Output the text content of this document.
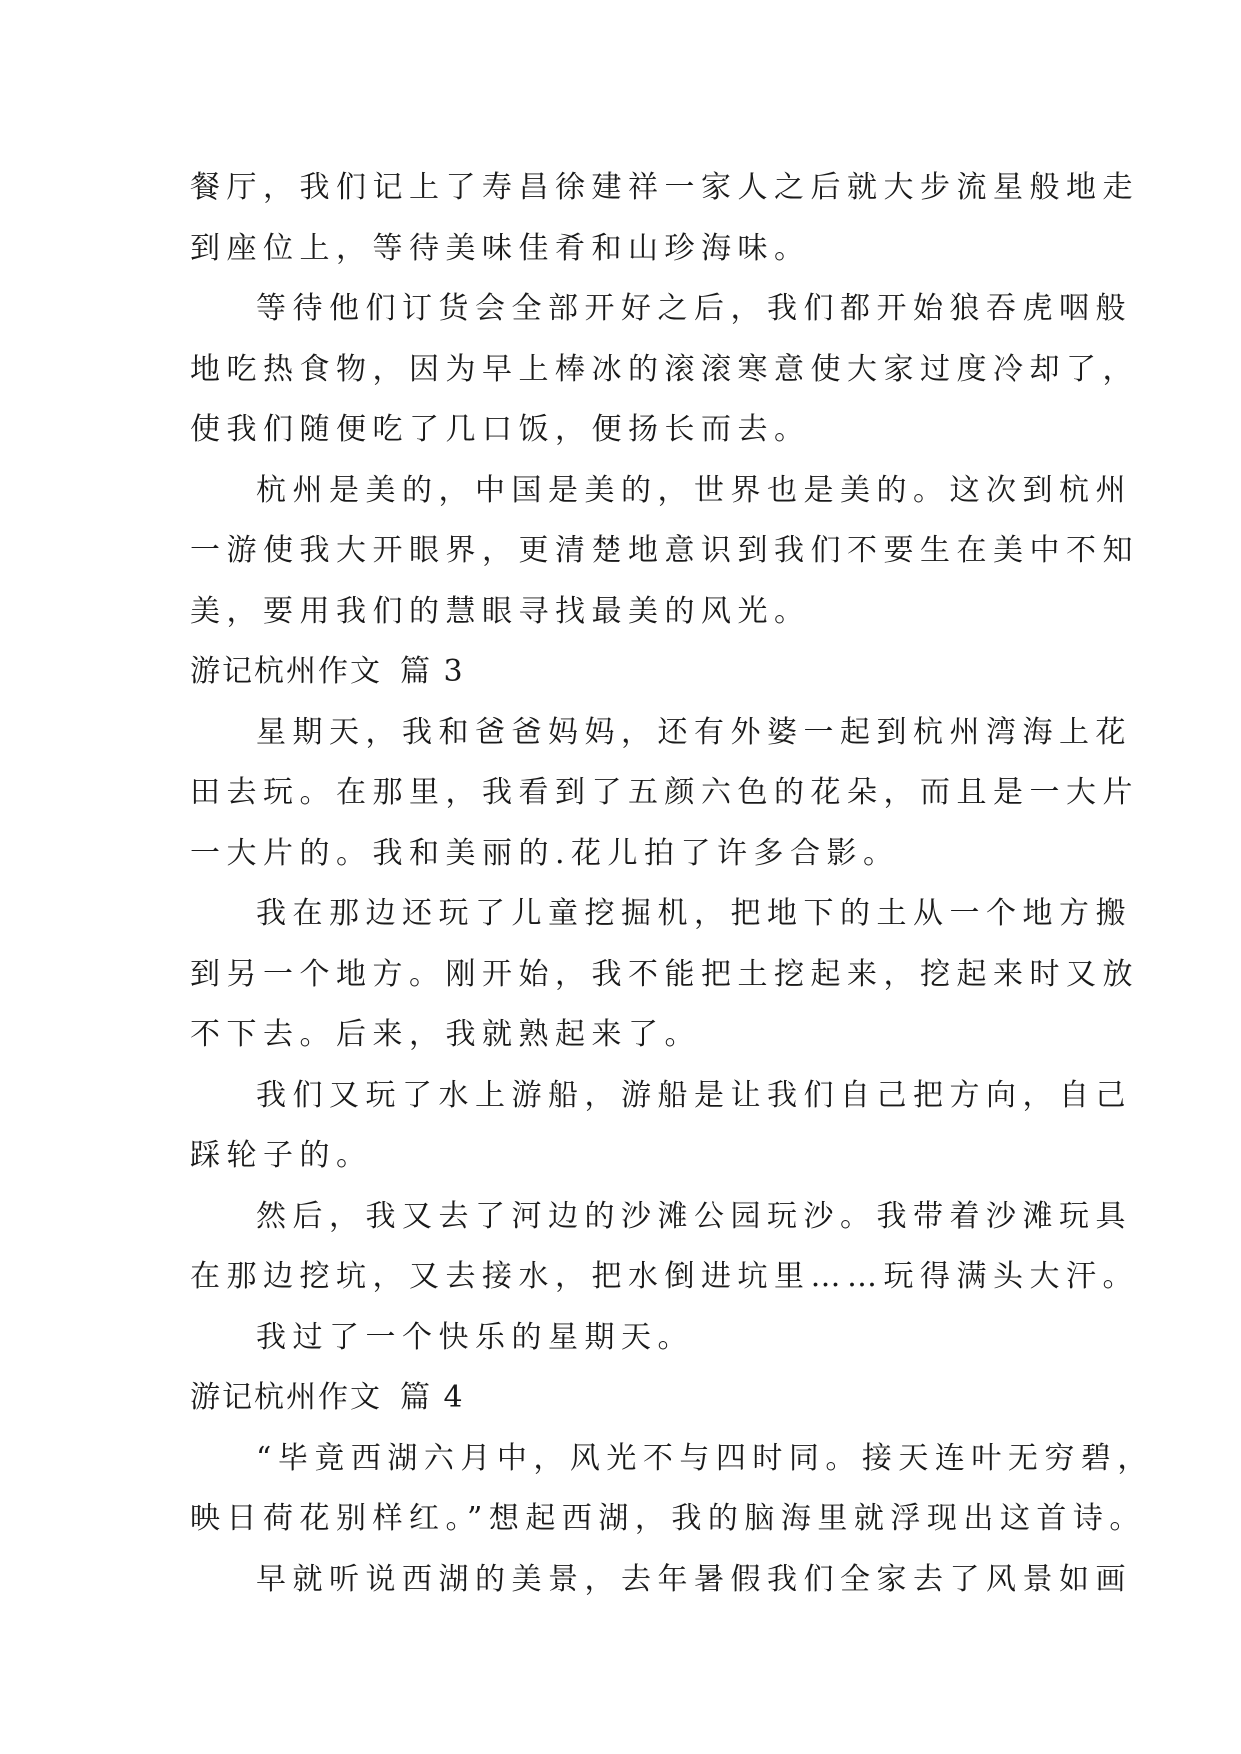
餐厅，我们记上了寿昌徐建祥一家人之后就大步流星般地走
到座位上，等待美味佳肴和山珍海味。
等待他们订货会全部开好之后，我们都开始狼吞虎咽般
地吃热食物，因为早上棒冰的滚滚寒意使大家过度冷却了，
使我们随便吃了几口饭，便扬长而去。
杭州是美的，中国是美的，世界也是美的。这次到杭州
一游使我大开眼界，更清楚地意识到我们不要生在美中不知
美，要用我们的慧眼寻找最美的风光。
游记杭州作文 篇 3
星期天，我和爸爸妈妈，还有外婆一起到杭州湾海上花
田去玩。在那里，我看到了五颜六色的花朵，而且是一大片
一大片的。我和美丽的.花儿拍了许多合影。
我在那边还玩了儿童挖掘机，把地下的土从一个地方搬
到另一个地方。刚开始，我不能把土挖起来，挖起来时又放
不下去。后来，我就熟起来了。
我们又玩了水上游船，游船是让我们自己把方向，自己
踩轮子的。
然后，我又去了河边的沙滩公园玩沙。我带着沙滩玩具
在那边挖坑，又去接水，把水倒进坑里……玩得满头大汗。
我过了一个快乐的星期天。
游记杭州作文 篇 4
“毕竟西湖六月中，风光不与四时同。接天连叶无穷碧，
映日荷花别样红。”想起西湖，我的脑海里就浮现出这首诗。
早就听说西湖的美景，去年暑假我们全家去了风景如画
